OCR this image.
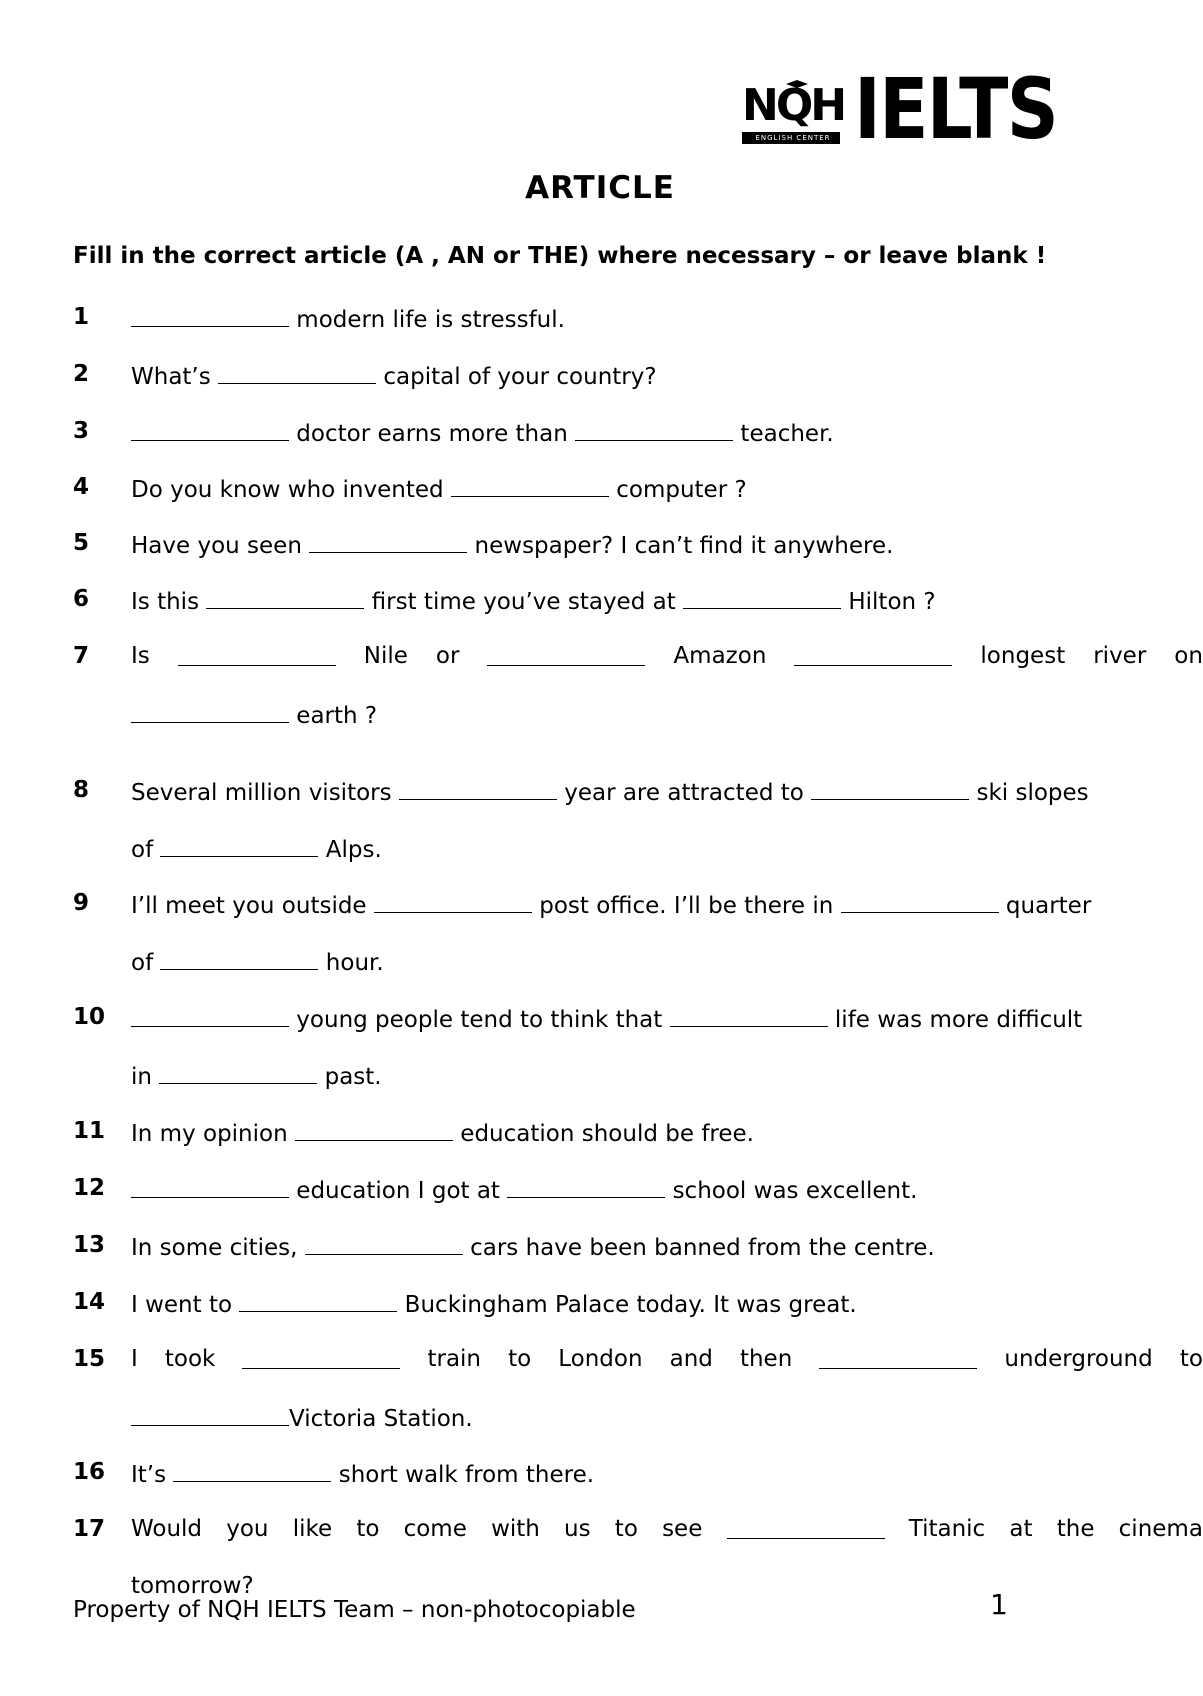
NQH
ENGLISH CENTER IELTS
ARTICLE
Fill in the correct article (A , AN or THE) where necessary – or leave blank !
1	modern life is stressful.
2 What’s	capital of your country?
3	doctor earns more than	teacher.
4 Do you know who invented	computer ?
5 Have you seen	newspaper? I can’t find it anywhere.
6 Is this	first time you’ve stayed at	Hilton ?
7 Is	Nile or	Amazon	longest river on
earth ?
8 Several million visitors	year are attracted to	ski slopes
of	Alps.
9 I’ll meet you outside	post office. I’ll be there in	quarter
of	hour.
10	young people tend to think that	life was more difficult
in	past.
11 In my opinion	education should be free.
12	education I got at	school was excellent.
13 In some cities,	cars have been banned from the centre.
14 I went to	Buckingham Palace today. It was great.
15 I took	train to London and then	underground to
Victoria Station.
16 It’s	short walk from there.
17 Would you like to come with us to see	Titanic at the cinema
tomorrow?
Property of NQH IELTS Team – non-photocopiable	1
